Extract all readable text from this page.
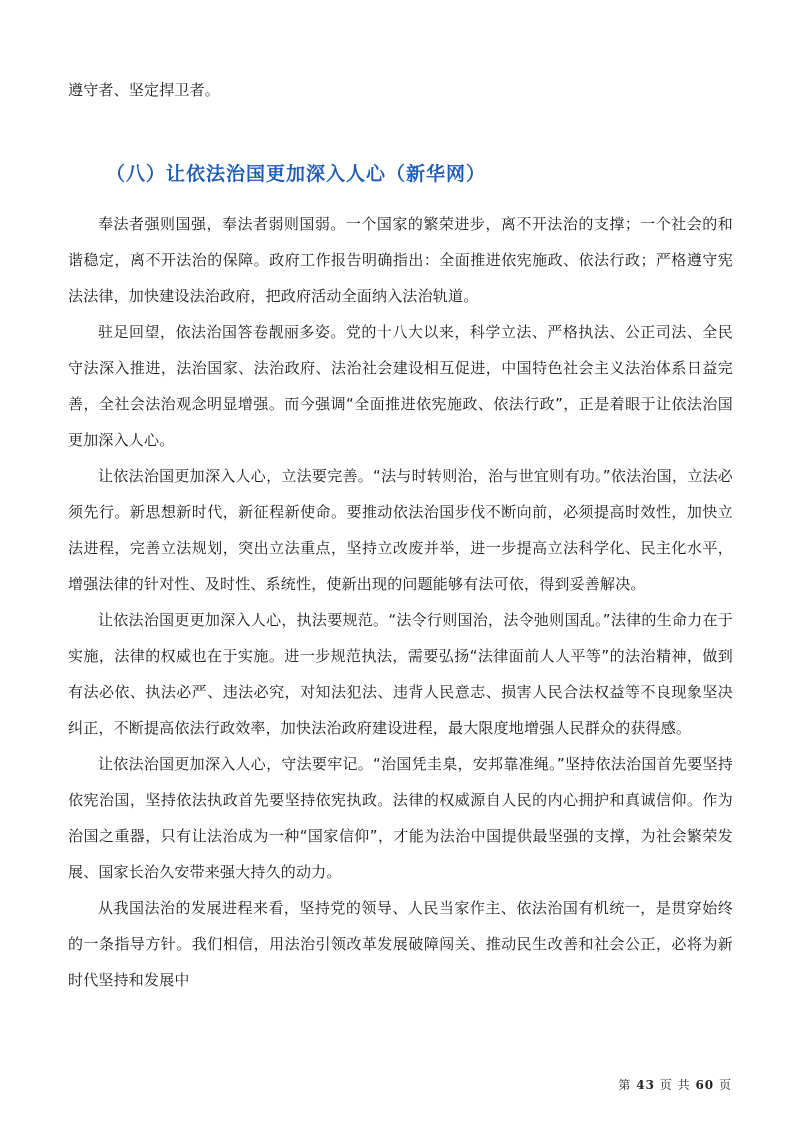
遵守者、坚定捍卫者。

（八）让依法治国更加深入人心（新华网）

奉法者强则国强，奉法者弱则国弱。一个国家的繁荣进步，离不开法治的支撑；一个社会的和谐稳定，离不开法治的保障。政府工作报告明确指出：全面推进依宪施政、依法行政；严格遵守宪法法律，加快建设法治政府，把政府活动全面纳入法治轨道。

驻足回望，依法治国答卷靓丽多姿。党的十八大以来，科学立法、严格执法、公正司法、全民守法深入推进，法治国家、法治政府、法治社会建设相互促进，中国特色社会主义法治体系日益完善，全社会法治观念明显增强。而今强调“全面推进依宪施政、依法行政”，正是着眼于让依法治国更加深入人心。

让依法治国更加深入人心，立法要完善。“法与时转则治，治与世宜则有功。”依法治国，立法必须先行。新思想新时代，新征程新使命。要推动依法治国步伐不断向前，必须提高时效性，加快立法进程，完善立法规划，突出立法重点，坚持立改废并举，进一步提高立法科学化、民主化水平，增强法律的针对性、及时性、系统性，使新出现的问题能够有法可依，得到妥善解决。

让依法治国更更加深入人心，执法要规范。“法令行则国治，法令弛则国乱。”法律的生命力在于实施，法律的权威也在于实施。进一步规范执法，需要弘扬“法律面前人人平等”的法治精神，做到有法必依、执法必严、违法必究，对知法犯法、违背人民意志、损害人民合法权益等不良现象坚决纠正，不断提高依法行政效率，加快法治政府建设进程，最大限度地增强人民群众的获得感。

让依法治国更加深入人心，守法要牢记。“治国凭圭臬，安邦靠准绳。”坚持依法治国首先要坚持依宪治国，坚持依法执政首先要坚持依宪执政。法律的权威源自人民的内心拥护和真诚信仰。作为治国之重器，只有让法治成为一种“国家信仰”，才能为法治中国提供最坚强的支撑，为社会繁荣发展、国家长治久安带来强大持久的动力。

从我国法治的发展进程来看，坚持党的领导、人民当家作主、依法治国有机统一，是贯穿始终的一条指导方针。我们相信，用法治引领改革发展破障闯关、推动民生改善和社会公正，必将为新时代坚持和发展中

第 43 页 共 60 页
